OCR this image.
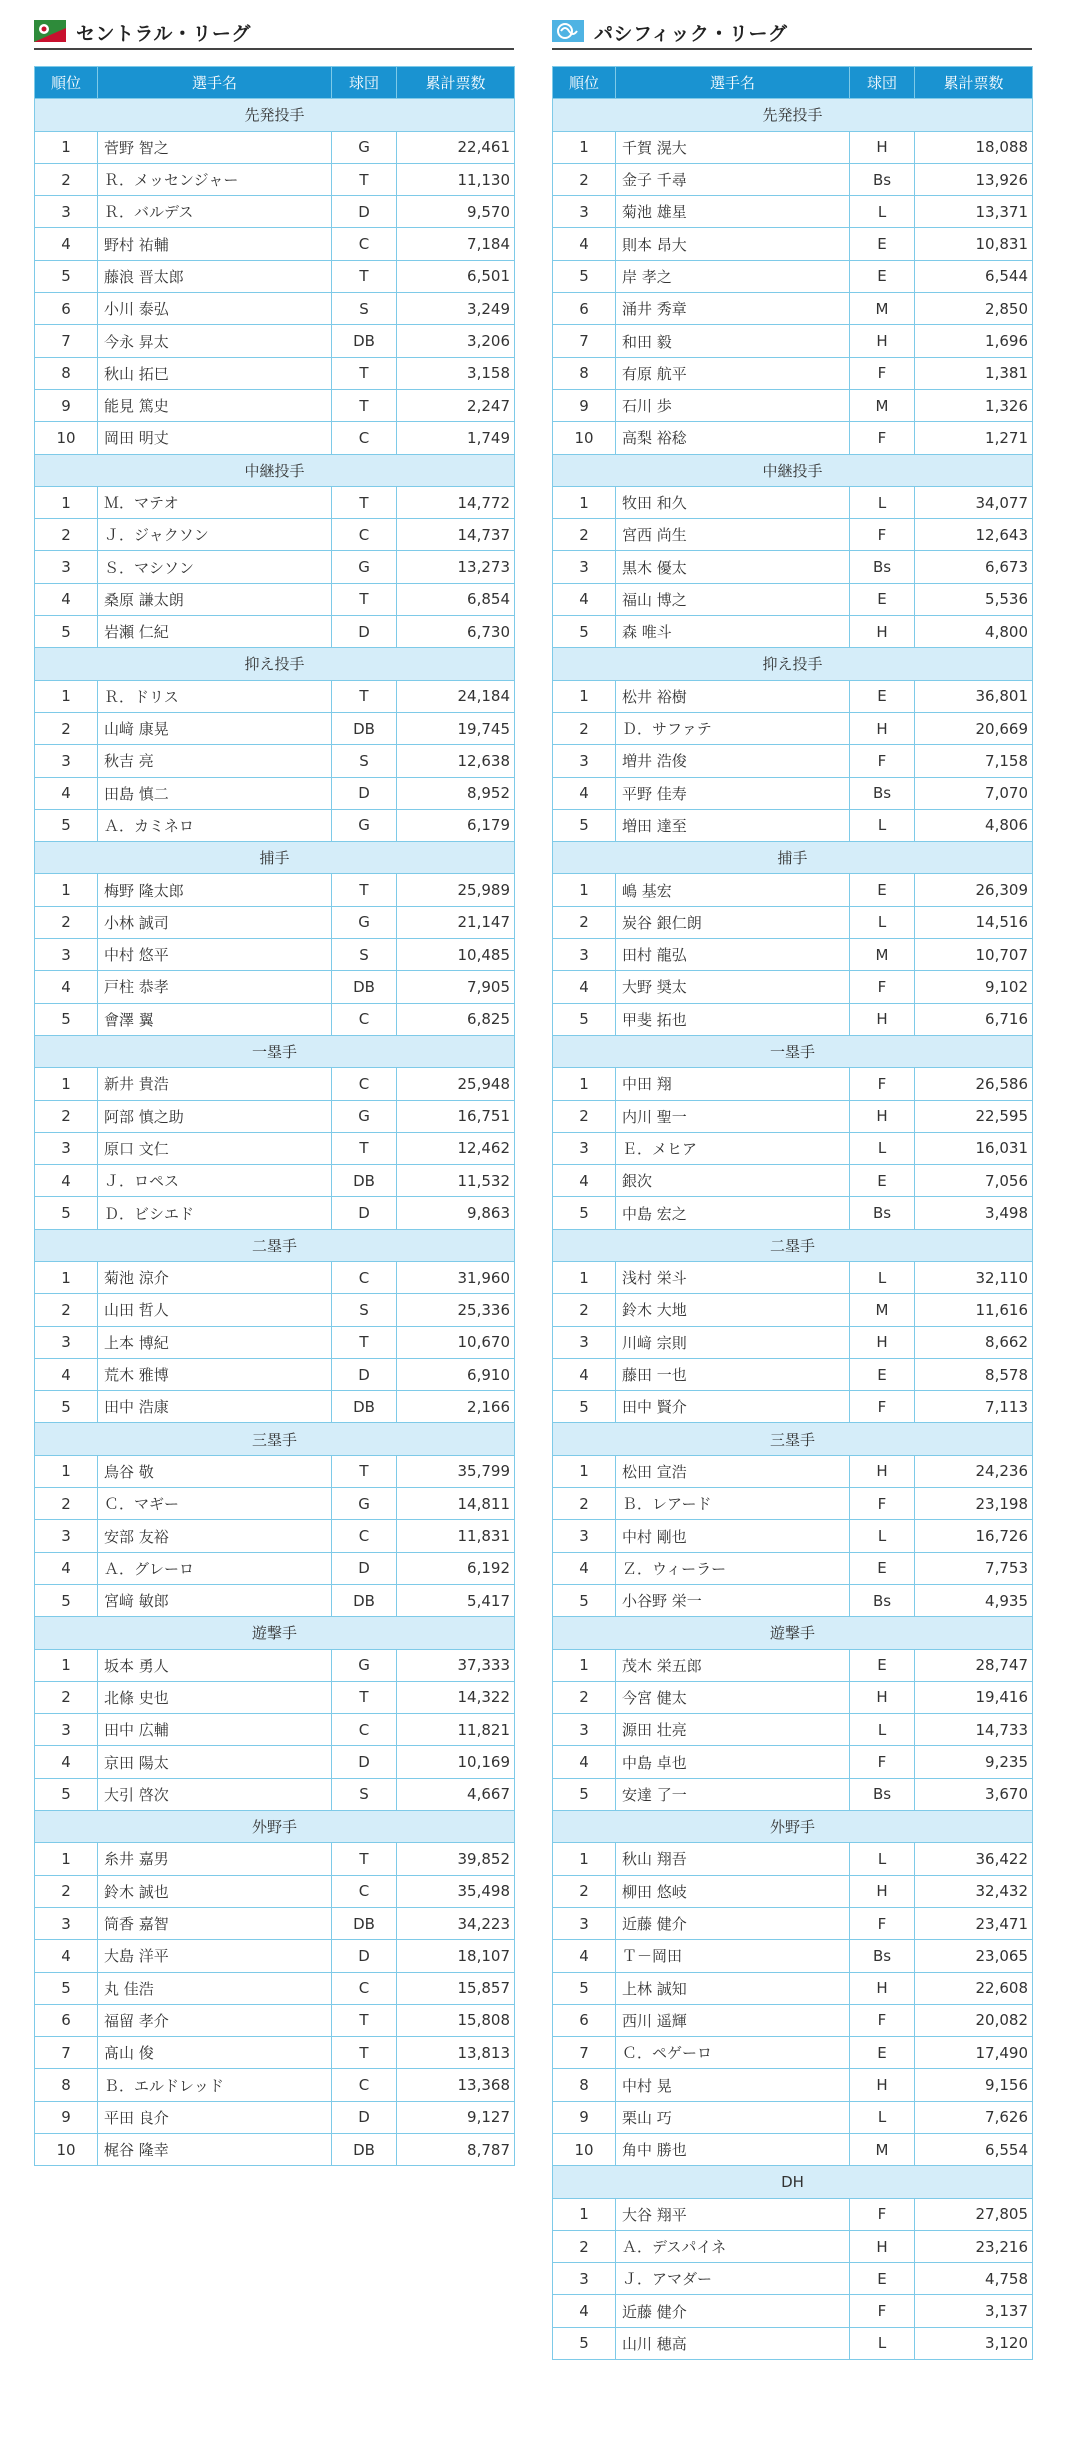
セントラル・リーグ
順位	選手名	球団	累計票数
先発投手			
1	菅野 智之	G	22,461
2	Ｒ．メッセンジャー	T	11,130
3	Ｒ．バルデス	D	9,570
4	野村 祐輔	C	7,184
5	藤浪 晋太郎	T	6,501
6	小川 泰弘	S	3,249
7	今永 昇太	DB	3,206
8	秋山 拓巳	T	3,158
9	能見 篤史	T	2,247
10	岡田 明丈	C	1,749
中継投手			
1	Ｍ．マテオ	T	14,772
2	Ｊ．ジャクソン	C	14,737
3	Ｓ．マシソン	G	13,273
4	桑原 謙太朗	T	6,854
5	岩瀬 仁紀	D	6,730
抑え投手			
1	Ｒ．ドリス	T	24,184
2	山﨑 康晃	DB	19,745
3	秋吉 亮	S	12,638
4	田島 慎二	D	8,952
5	Ａ．カミネロ	G	6,179
捕手			
1	梅野 隆太郎	T	25,989
2	小林 誠司	G	21,147
3	中村 悠平	S	10,485
4	戸柱 恭孝	DB	7,905
5	會澤 翼	C	6,825
一塁手			
1	新井 貴浩	C	25,948
2	阿部 慎之助	G	16,751
3	原口 文仁	T	12,462
4	Ｊ．ロペス	DB	11,532
5	Ｄ．ビシエド	D	9,863
二塁手			
1	菊池 涼介	C	31,960
2	山田 哲人	S	25,336
3	上本 博紀	T	10,670
4	荒木 雅博	D	6,910
5	田中 浩康	DB	2,166
三塁手			
1	鳥谷 敬	T	35,799
2	Ｃ．マギー	G	14,811
3	安部 友裕	C	11,831
4	Ａ．グレーロ	D	6,192
5	宮﨑 敏郎	DB	5,417
遊撃手			
1	坂本 勇人	G	37,333
2	北條 史也	T	14,322
3	田中 広輔	C	11,821
4	京田 陽太	D	10,169
5	大引 啓次	S	4,667
外野手			
1	糸井 嘉男	T	39,852
2	鈴木 誠也	C	35,498
3	筒香 嘉智	DB	34,223
4	大島 洋平	D	18,107
5	丸 佳浩	C	15,857
6	福留 孝介	T	15,808
7	髙山 俊	T	13,813
8	Ｂ．エルドレッド	C	13,368
9	平田 良介	D	9,127
10	梶谷 隆幸	DB	8,787
パシフィック・リーグ
順位	選手名	球団	累計票数
先発投手			
1	千賀 滉大	H	18,088
2	金子 千尋	Bs	13,926
3	菊池 雄星	L	13,371
4	則本 昂大	E	10,831
5	岸 孝之	E	6,544
6	涌井 秀章	M	2,850
7	和田 毅	H	1,696
8	有原 航平	F	1,381
9	石川 歩	M	1,326
10	高梨 裕稔	F	1,271
中継投手			
1	牧田 和久	L	34,077
2	宮西 尚生	F	12,643
3	黒木 優太	Bs	6,673
4	福山 博之	E	5,536
5	森 唯斗	H	4,800
抑え投手			
1	松井 裕樹	E	36,801
2	Ｄ．サファテ	H	20,669
3	増井 浩俊	F	7,158
4	平野 佳寿	Bs	7,070
5	増田 達至	L	4,806
捕手			
1	嶋 基宏	E	26,309
2	炭谷 銀仁朗	L	14,516
3	田村 龍弘	M	10,707
4	大野 奨太	F	9,102
5	甲斐 拓也	H	6,716
一塁手			
1	中田 翔	F	26,586
2	内川 聖一	H	22,595
3	Ｅ．メヒア	L	16,031
4	銀次	E	7,056
5	中島 宏之	Bs	3,498
二塁手			
1	浅村 栄斗	L	32,110
2	鈴木 大地	M	11,616
3	川﨑 宗則	H	8,662
4	藤田 一也	E	8,578
5	田中 賢介	F	7,113
三塁手			
1	松田 宣浩	H	24,236
2	Ｂ．レアード	F	23,198
3	中村 剛也	L	16,726
4	Ｚ．ウィーラー	E	7,753
5	小谷野 栄一	Bs	4,935
遊撃手			
1	茂木 栄五郎	E	28,747
2	今宮 健太	H	19,416
3	源田 壮亮	L	14,733
4	中島 卓也	F	9,235
5	安達 了一	Bs	3,670
外野手			
1	秋山 翔吾	L	36,422
2	柳田 悠岐	H	32,432
3	近藤 健介	F	23,471
4	Ｔ－岡田	Bs	23,065
5	上林 誠知	H	22,608
6	西川 遥輝	F	20,082
7	Ｃ．ペゲーロ	E	17,490
8	中村 晃	H	9,156
9	栗山 巧	L	7,626
10	角中 勝也	M	6,554
DH			
1	大谷 翔平	F	27,805
2	Ａ．デスパイネ	H	23,216
3	Ｊ．アマダー	E	4,758
4	近藤 健介	F	3,137
5	山川 穂高	L	3,120
